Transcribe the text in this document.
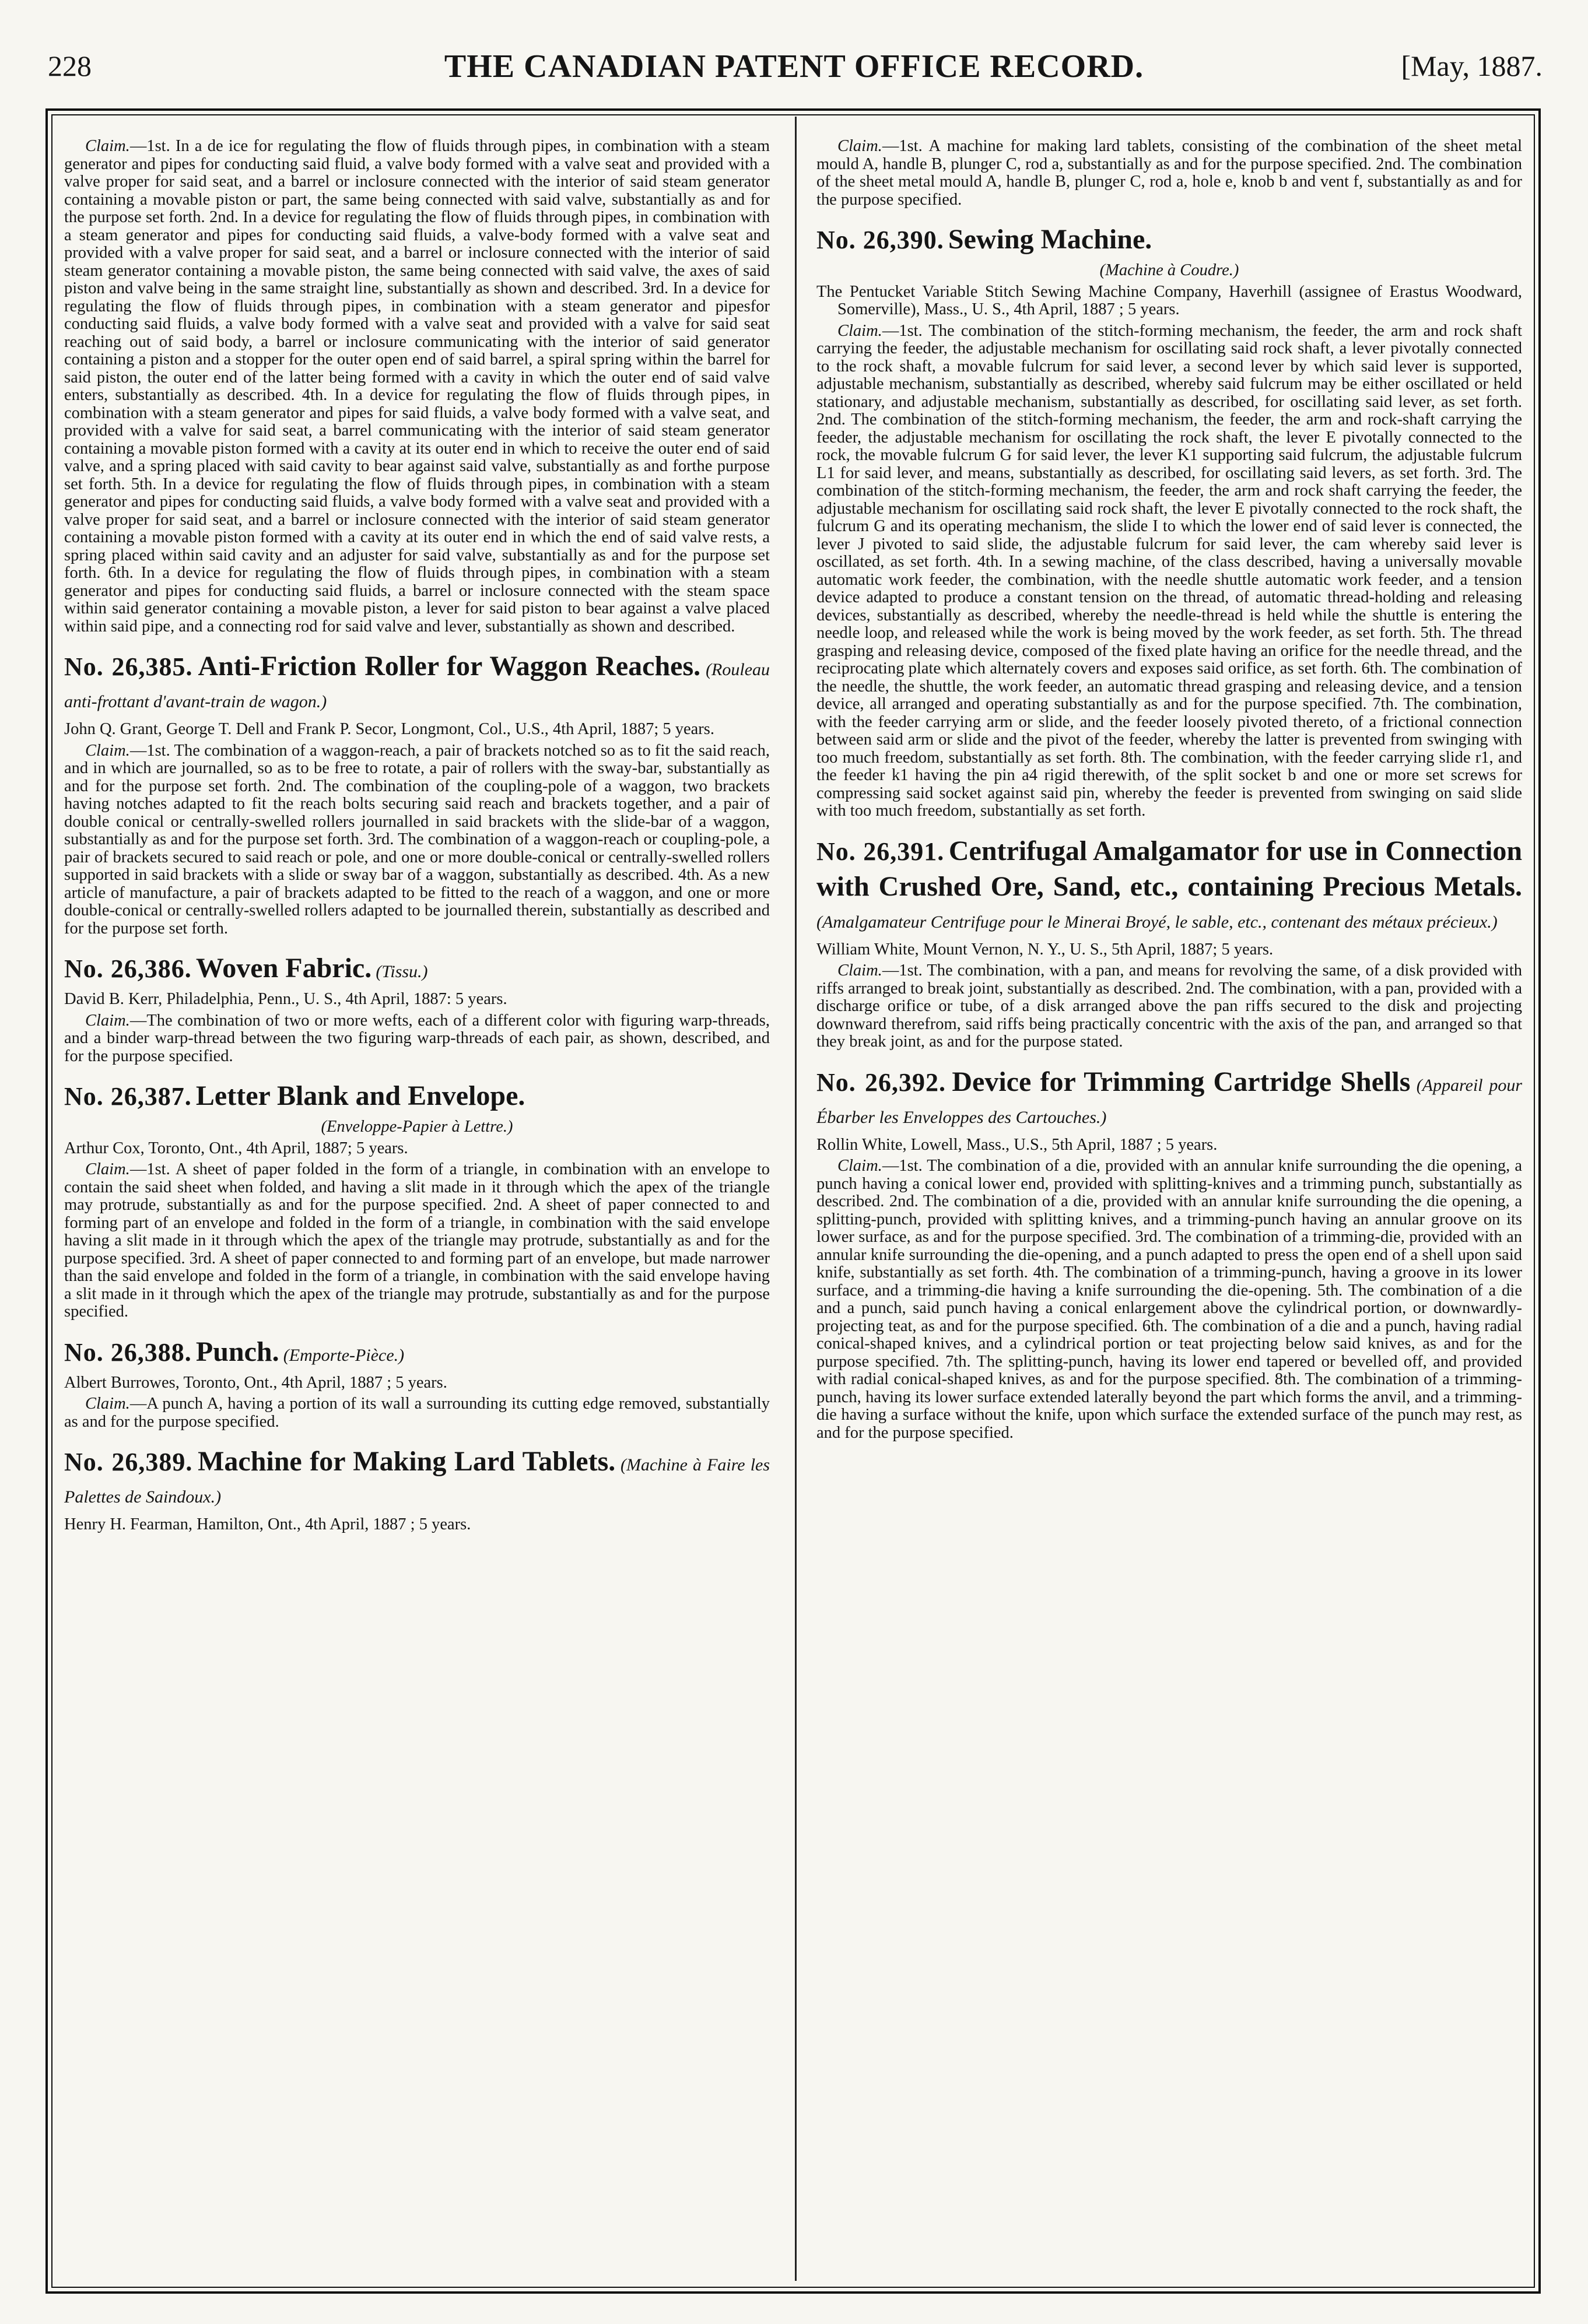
228	THE CANADIAN PATENT OFFICE RECORD.	[May, 1887.

Claim.—1st. In a de ice for regulating the flow of fluids through pipes, in combination with a steam generator and pipes for conducting said fluid, a valve body formed with a valve seat and provided with a valve proper for said seat, and a barrel or inclosure connected with the interior of said steam generator containing a movable piston or part, the same being connected with said valve, substantially as and for the purpose set forth. 2nd. In a device for regulating the flow of fluids through pipes, in combination with a steam generator and pipes for conducting said fluids, a valve-body formed with a valve seat and provided with a valve proper for said seat, and a barrel or inclosure connected with the interior of said steam generator containing a movable piston, the same being connected with said valve, the axes of said piston and valve being in the same straight line, substantially as shown and described. 3rd. In a device for regulating the flow of fluids through pipes, in combination with a steam generator and pipesfor conducting said fluids, a valve body formed with a valve seat and provided with a valve for said seat reaching out of said body, a barrel or inclosure communicating with the interior of said generator containing a piston and a stopper for the outer open end of said barrel, a spiral spring within the barrel for said piston, the outer end of the latter being formed with a cavity in which the outer end of said valve enters, substantially as described. 4th. In a device for regulating the flow of fluids through pipes, in combination with a steam generator and pipes for said fluids, a valve body formed with a valve seat, and provided with a valve for said seat, a barrel communicating with the interior of said steam generator containing a movable piston formed with a cavity at its outer end in which to receive the outer end of said valve, and a spring placed with said cavity to bear against said valve, substantially as and forthe purpose set forth. 5th. In a device for regulating the flow of fluids through pipes, in combination with a steam generator and pipes for conducting said fluids, a valve body formed with a valve seat and provided with a valve proper for said seat, and a barrel or inclosure connected with the interior of said steam generator containing a movable piston formed with a cavity at its outer end in which the end of said valve rests, a spring placed within said cavity and an adjuster for said valve, substantially as and for the purpose set forth. 6th. In a device for regulating the flow of fluids through pipes, in combination with a steam generator and pipes for conducting said fluids, a barrel or inclosure connected with the steam space within said generator containing a movable piston, a lever for said piston to bear against a valve placed within said pipe, and a connecting rod for said valve and lever, substantially as shown and described.

No. 26,385. Anti-Friction Roller for Waggon Reaches. (Rouleau anti-frottant d'avant-train de wagon.)

John Q. Grant, George T. Dell and Frank P. Secor, Longmont, Col., U.S., 4th April, 1887; 5 years.

Claim.—1st. The combination of a waggon-reach, a pair of brackets notched so as to fit the said reach, and in which are journalled, so as to be free to rotate, a pair of rollers with the sway-bar, substantially as and for the purpose set forth. 2nd. The combination of the coupling-pole of a waggon, two brackets having notches adapted to fit the reach bolts securing said reach and brackets together, and a pair of double conical or centrally-swelled rollers journalled in said brackets with the slide-bar of a waggon, substantially as and for the purpose set forth. 3rd. The combination of a waggon-reach or coupling-pole, a pair of brackets secured to said reach or pole, and one or more double-conical or centrally-swelled rollers supported in said brackets with a slide or sway bar of a waggon, substantially as described. 4th. As a new article of manufacture, a pair of brackets adapted to be fitted to the reach of a waggon, and one or more double-conical or centrally-swelled rollers adapted to be journalled therein, substantially as described and for the purpose set forth.

No. 26,386. Woven Fabric. (Tissu.)

David B. Kerr, Philadelphia, Penn., U. S., 4th April, 1887: 5 years.

Claim.—The combination of two or more wefts, each of a different color with figuring warp-threads, and a binder warp-thread between the two figuring warp-threads of each pair, as shown, described, and for the purpose specified.

No. 26,387. Letter Blank and Envelope.

(Enveloppe-Papier à Lettre.)

Arthur Cox, Toronto, Ont., 4th April, 1887; 5 years.

Claim.—1st. A sheet of paper folded in the form of a triangle, in combination with an envelope to contain the said sheet when folded, and having a slit made in it through which the apex of the triangle may protrude, substantially as and for the purpose specified. 2nd. A sheet of paper connected to and forming part of an envelope and folded in the form of a triangle, in combination with the said envelope having a slit made in it through which the apex of the triangle may protrude, substantially as and for the purpose specified. 3rd. A sheet of paper connected to and forming part of an envelope, but made narrower than the said envelope and folded in the form of a triangle, in combination with the said envelope having a slit made in it through which the apex of the triangle may protrude, substantially as and for the purpose specified.

No. 26,388. Punch. (Emporte-Pièce.)

Albert Burrowes, Toronto, Ont., 4th April, 1887 ; 5 years.

Claim.—A punch A, having a portion of its wall a surrounding its cutting edge removed, substantially as and for the purpose specified.

No. 26,389. Machine for Making Lard Tablets. (Machine à Faire les Palettes de Saindoux.)

Henry H. Fearman, Hamilton, Ont., 4th April, 1887 ; 5 years.

Claim.—1st. A machine for making lard tablets, consisting of the combination of the sheet metal mould A, handle B, plunger C, rod a, substantially as and for the purpose specified. 2nd. The combination of the sheet metal mould A, handle B, plunger C, rod a, hole e, knob b and vent f, substantially as and for the purpose specified.

No. 26,390. Sewing Machine.

(Machine à Coudre.)

The Pentucket Variable Stitch Sewing Machine Company, Haverhill (assignee of Erastus Woodward, Somerville), Mass., U. S., 4th April, 1887 ; 5 years.

Claim.—1st. The combination of the stitch-forming mechanism, the feeder, the arm and rock shaft carrying the feeder, the adjustable mechanism for oscillating said rock shaft, a lever pivotally connected to the rock shaft, a movable fulcrum for said lever, a second lever by which said lever is supported, adjustable mechanism, substantially as described, whereby said fulcrum may be either oscillated or held stationary, and adjustable mechanism, substantially as described, for oscillating said lever, as set forth. 2nd. The combination of the stitch-forming mechanism, the feeder, the arm and rock-shaft carrying the feeder, the adjustable mechanism for oscillating the rock shaft, the lever E pivotally connected to the rock, the movable fulcrum G for said lever, the lever K1 supporting said fulcrum, the adjustable fulcrum L1 for said lever, and means, substantially as described, for oscillating said levers, as set forth. 3rd. The combination of the stitch-forming mechanism, the feeder, the arm and rock shaft carrying the feeder, the adjustable mechanism for oscillating said rock shaft, the lever E pivotally connected to the rock shaft, the fulcrum G and its operating mechanism, the slide I to which the lower end of said lever is connected, the lever J pivoted to said slide, the adjustable fulcrum for said lever, the cam whereby said lever is oscillated, as set forth. 4th. In a sewing machine, of the class described, having a universally movable automatic work feeder, the combination, with the needle shuttle automatic work feeder, and a tension device adapted to produce a constant tension on the thread, of automatic thread-holding and releasing devices, substantially as described, whereby the needle-thread is held while the shuttle is entering the needle loop, and released while the work is being moved by the work feeder, as set forth. 5th. The thread grasping and releasing device, composed of the fixed plate having an orifice for the needle thread, and the reciprocating plate which alternately covers and exposes said orifice, as set forth. 6th. The combination of the needle, the shuttle, the work feeder, an automatic thread grasping and releasing device, and a tension device, all arranged and operating substantially as and for the purpose specified. 7th. The combination, with the feeder carrying arm or slide, and the feeder loosely pivoted thereto, of a frictional connection between said arm or slide and the pivot of the feeder, whereby the latter is prevented from swinging with too much freedom, substantially as set forth. 8th. The combination, with the feeder carrying slide r1, and the feeder k1 having the pin a4 rigid therewith, of the split socket b and one or more set screws for compressing said socket against said pin, whereby the feeder is prevented from swinging on said slide with too much freedom, substantially as set forth.

No. 26,391. Centrifugal Amalgamator for use in Connection with Crushed Ore, Sand, etc., containing Precious Metals. (Amalgamateur Centrifuge pour le Minerai Broyé, le sable, etc., contenant des métaux précieux.)

William White, Mount Vernon, N. Y., U. S., 5th April, 1887; 5 years.

Claim.—1st. The combination, with a pan, and means for revolving the same, of a disk provided with riffs arranged to break joint, substantially as described. 2nd. The combination, with a pan, provided with a discharge orifice or tube, of a disk arranged above the pan riffs secured to the disk and projecting downward therefrom, said riffs being practically concentric with the axis of the pan, and arranged so that they break joint, as and for the purpose stated.

No. 26,392. Device for Trimming Cartridge Shells (Appareil pour Ébarber les Enveloppes des Cartouches.)

Rollin White, Lowell, Mass., U.S., 5th April, 1887 ; 5 years.

Claim.—1st. The combination of a die, provided with an annular knife surrounding the die opening, a punch having a conical lower end, provided with splitting-knives and a trimming punch, substantially as described. 2nd. The combination of a die, provided with an annular knife surrounding the die opening, a splitting-punch, provided with splitting knives, and a trimming-punch having an annular groove on its lower surface, as and for the purpose specified. 3rd. The combination of a trimming-die, provided with an annular knife surrounding the die-opening, and a punch adapted to press the open end of a shell upon said knife, substantially as set forth. 4th. The combination of a trimming-punch, having a groove in its lower surface, and a trimming-die having a knife surrounding the die-opening. 5th. The combination of a die and a punch, said punch having a conical enlargement above the cylindrical portion, or downwardly-projecting teat, as and for the purpose specified. 6th. The combination of a die and a punch, having radial conical-shaped knives, and a cylindrical portion or teat projecting below said knives, as and for the purpose specified. 7th. The splitting-punch, having its lower end tapered or bevelled off, and provided with radial conical-shaped knives, as and for the purpose specified. 8th. The combination of a trimming-punch, having its lower surface extended laterally beyond the part which forms the anvil, and a trimming-die having a surface without the knife, upon which surface the extended surface of the punch may rest, as and for the purpose specified.
